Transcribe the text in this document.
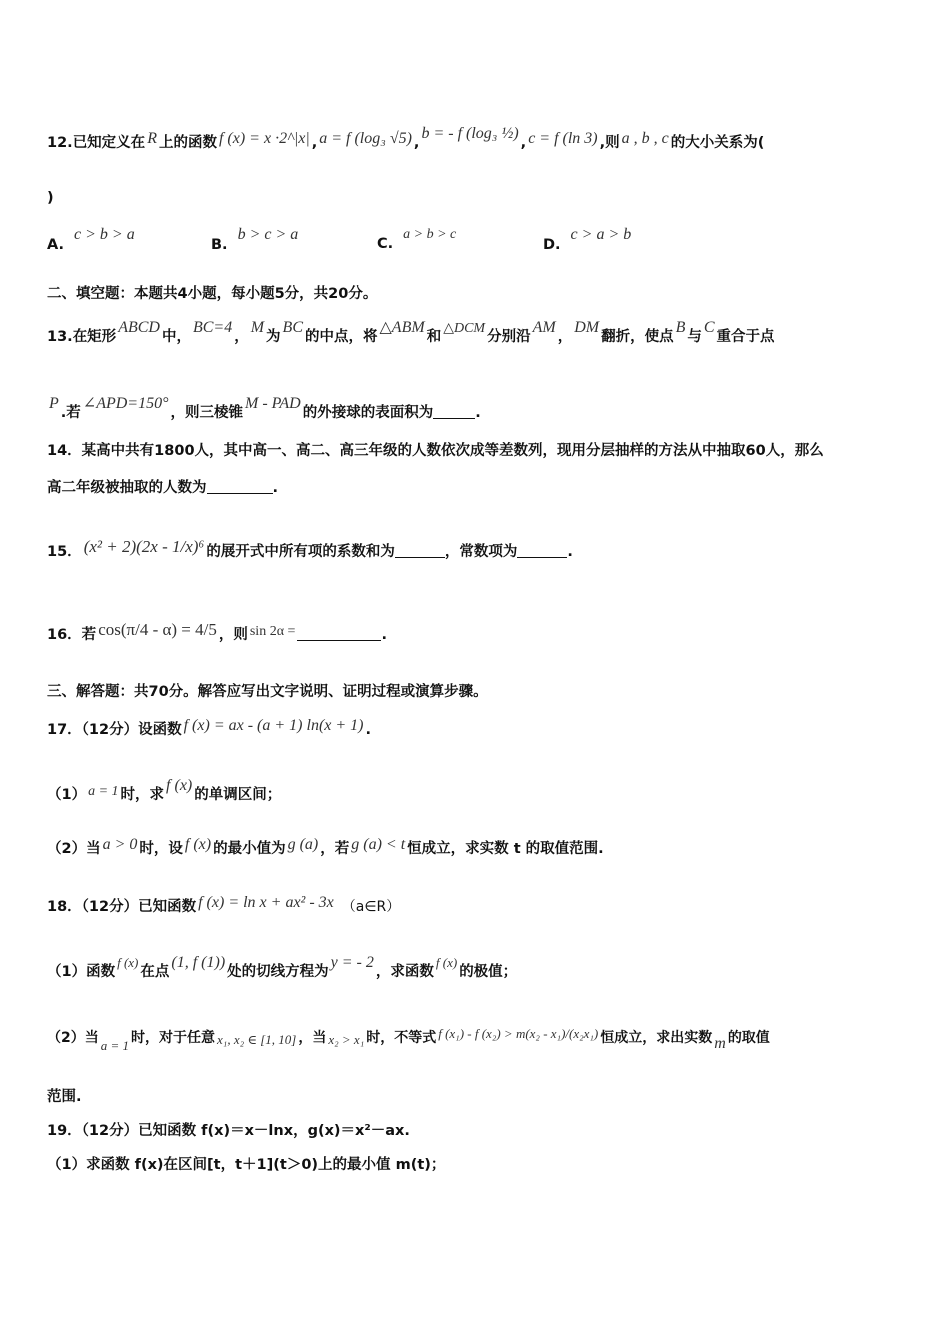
12.已知定义在 R 上的函数 f (x) = x ·2^|x| , a = f (log₃ √5) ,b = - f (log₃ ½), c = f (ln 3) ,则 a , b , c 的大小关系为(
)
A.c > b > a
B.b > c > a
C.a > b > c
D.c > a > b
二、填空题：本题共4小题，每小题5分，共20分。
13.在矩形ABCD中，BC=4，M为BC的中点，将△ABM和△DCM分别沿AM，DM翻折，使点B与C重合于点
P.若∠APD=150°，则三棱锥M - PAD的外接球的表面积为	.
14．某高中共有1800人，其中高一、高二、高三年级的人数依次成等差数列，现用分层抽样的方法从中抽取60人，那么
高二年级被抽取的人数为	.
15． (x² + 2)(2x - 1/x)⁶ 的展开式中所有项的系数和为	，常数项为	.
16．若 cos(π/4 - α) = 4/5 ，则 sin 2α =	.
三、解答题：共70分。解答应写出文字说明、证明过程或演算步骤。
17．（12分）设函数 f (x) = ax - (a + 1) ln(x + 1) .
（1） a = 1 时，求f (x)的单调区间；
（2）当 a > 0 时，设 f (x) 的最小值为 g (a) ，若 g (a) < t 恒成立，求实数 t 的取值范围.
18．（12分）已知函数 f (x) = ln x + ax² - 3x （a∈R）
（1）函数f (x)在点(1, f (1))处的切线方程为y = - 2，求函数f (x)的极值；
（2）当 a = 1 时，对于任意 x₁, x₂ ∈ [1, 10] ，当 x₂ > x₁ 时，不等式 f (x₁) - f (x₂) > m(x₂ - x₁)/(x₂x₁) 恒成立，求出实数 m 的取值
范围.
19．（12分）已知函数 f(x)＝x－lnx，g(x)＝x²－ax.
（1）求函数 f(x)在区间[t，t＋1](t＞0)上的最小值 m(t)；
